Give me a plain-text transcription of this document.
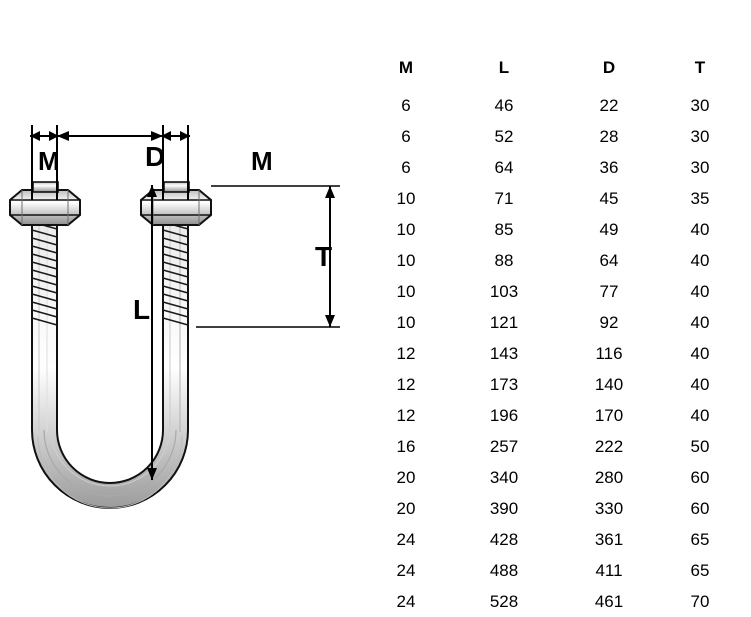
M	M
D
L
T
M	L	D	T
6	46	22	30
6	52	28	30
6	64	36	30
10	71	45	35
10	85	49	40
10	88	64	40
10	103	77	40
10	121	92	40
12	143	116	40
12	173	140	40
12	196	170	40
16	257	222	50
20	340	280	60
20	390	330	60
24	428	361	65
24	488	411	65
24	528	461	70
